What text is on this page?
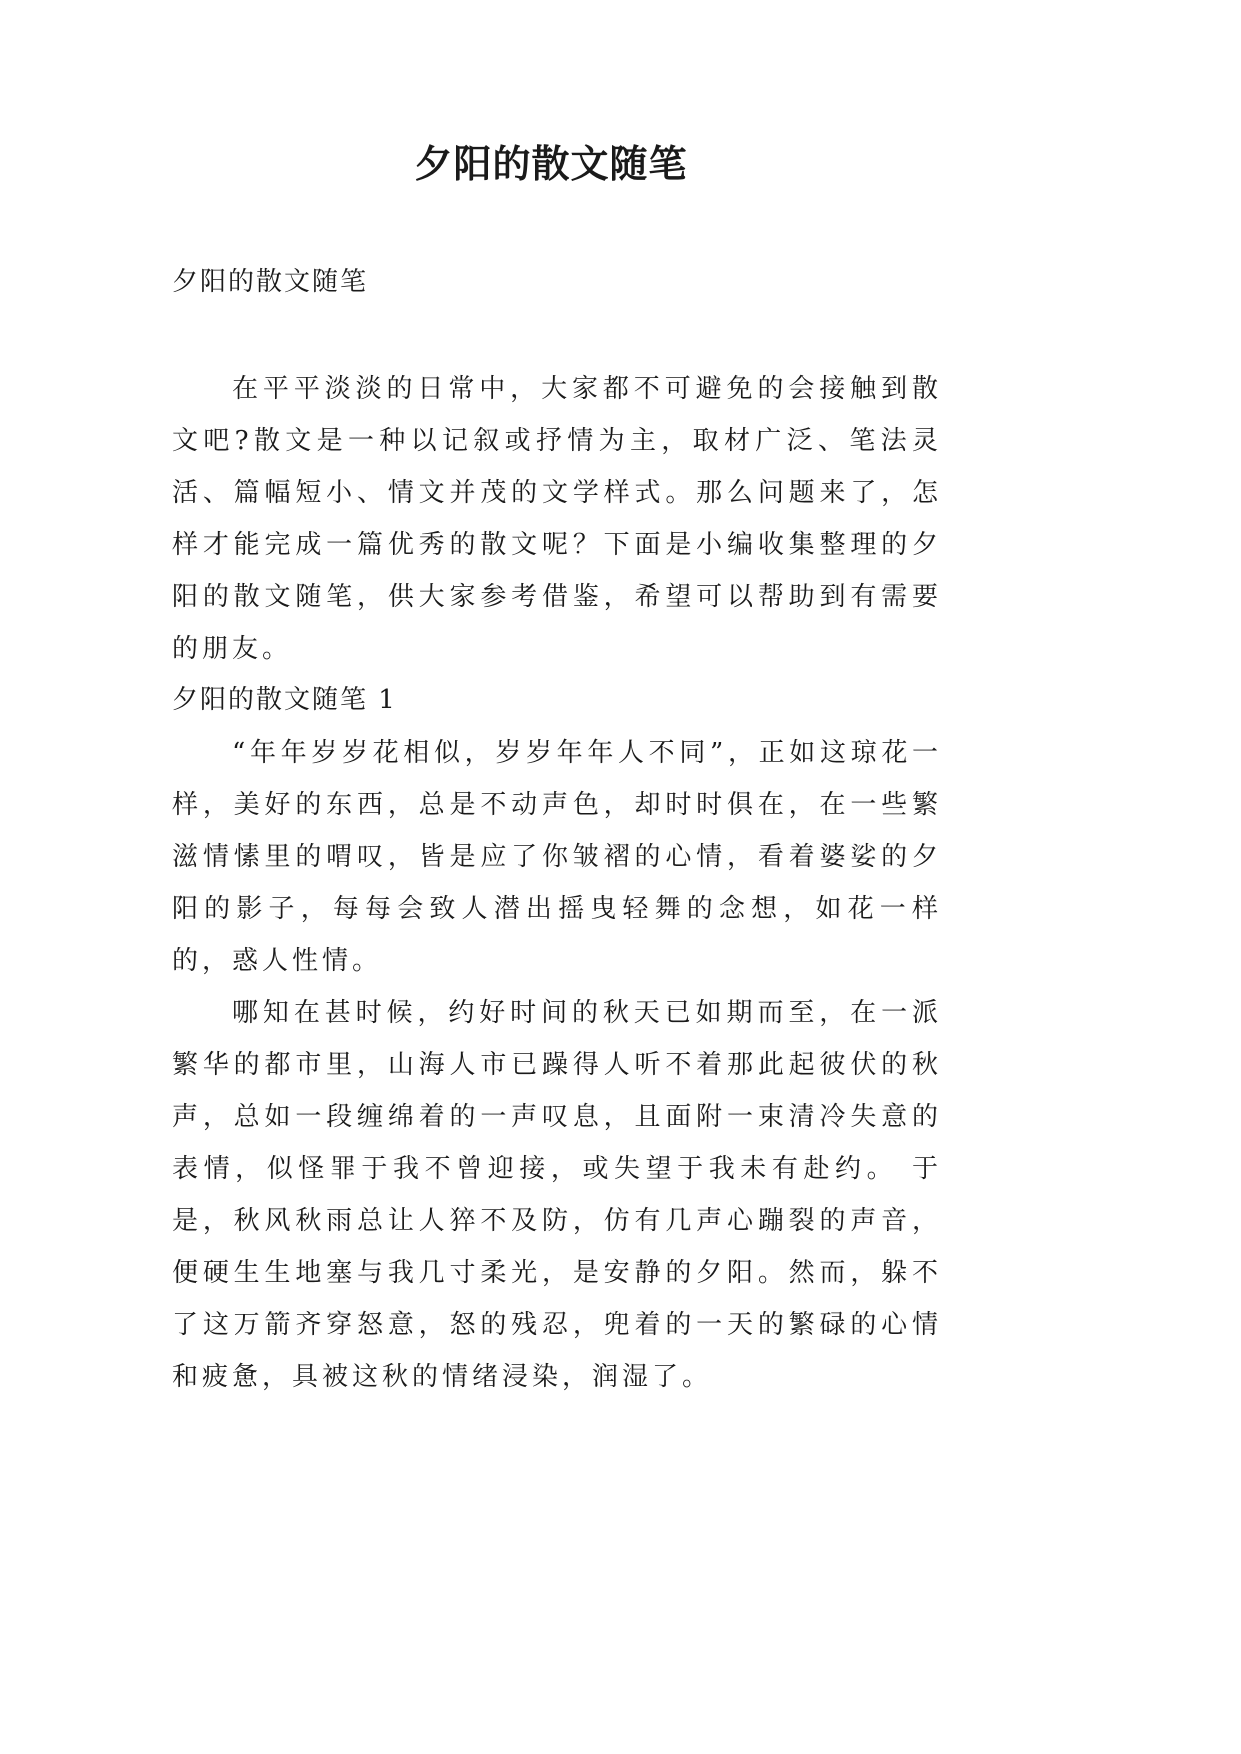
夕阳的散文随笔

夕阳的散文随笔

在平平淡淡的日常中，大家都不可避免的会接触到散文吧?散文是一种以记叙或抒情为主，取材广泛、笔法灵活、篇幅短小、情文并茂的文学样式。那么问题来了，怎样才能完成一篇优秀的散文呢？下面是小编收集整理的夕阳的散文随笔，供大家参考借鉴，希望可以帮助到有需要的朋友。

夕阳的散文随笔 1

“年年岁岁花相似，岁岁年年人不同”，正如这琼花一样，美好的东西，总是不动声色，却时时俱在，在一些繁滋情愫里的喟叹，皆是应了你皱褶的心情，看着婆娑的夕阳的影子，每每会致人潜出摇曳轻舞的念想，如花一样的，惑人性情。

哪知在甚时候，约好时间的秋天已如期而至，在一派繁华的都市里，山海人市已躁得人听不着那此起彼伏的秋声，总如一段缠绵着的一声叹息，且面附一束清冷失意的表情，似怪罪于我不曾迎接，或失望于我未有赴约。 于是，秋风秋雨总让人猝不及防，仿有几声心蹦裂的声音，便硬生生地塞与我几寸柔光，是安静的夕阳。然而，躲不了这万箭齐穿怒意，怒的残忍，兜着的一天的繁碌的心情和疲惫，具被这秋的情绪浸染，润湿了。
